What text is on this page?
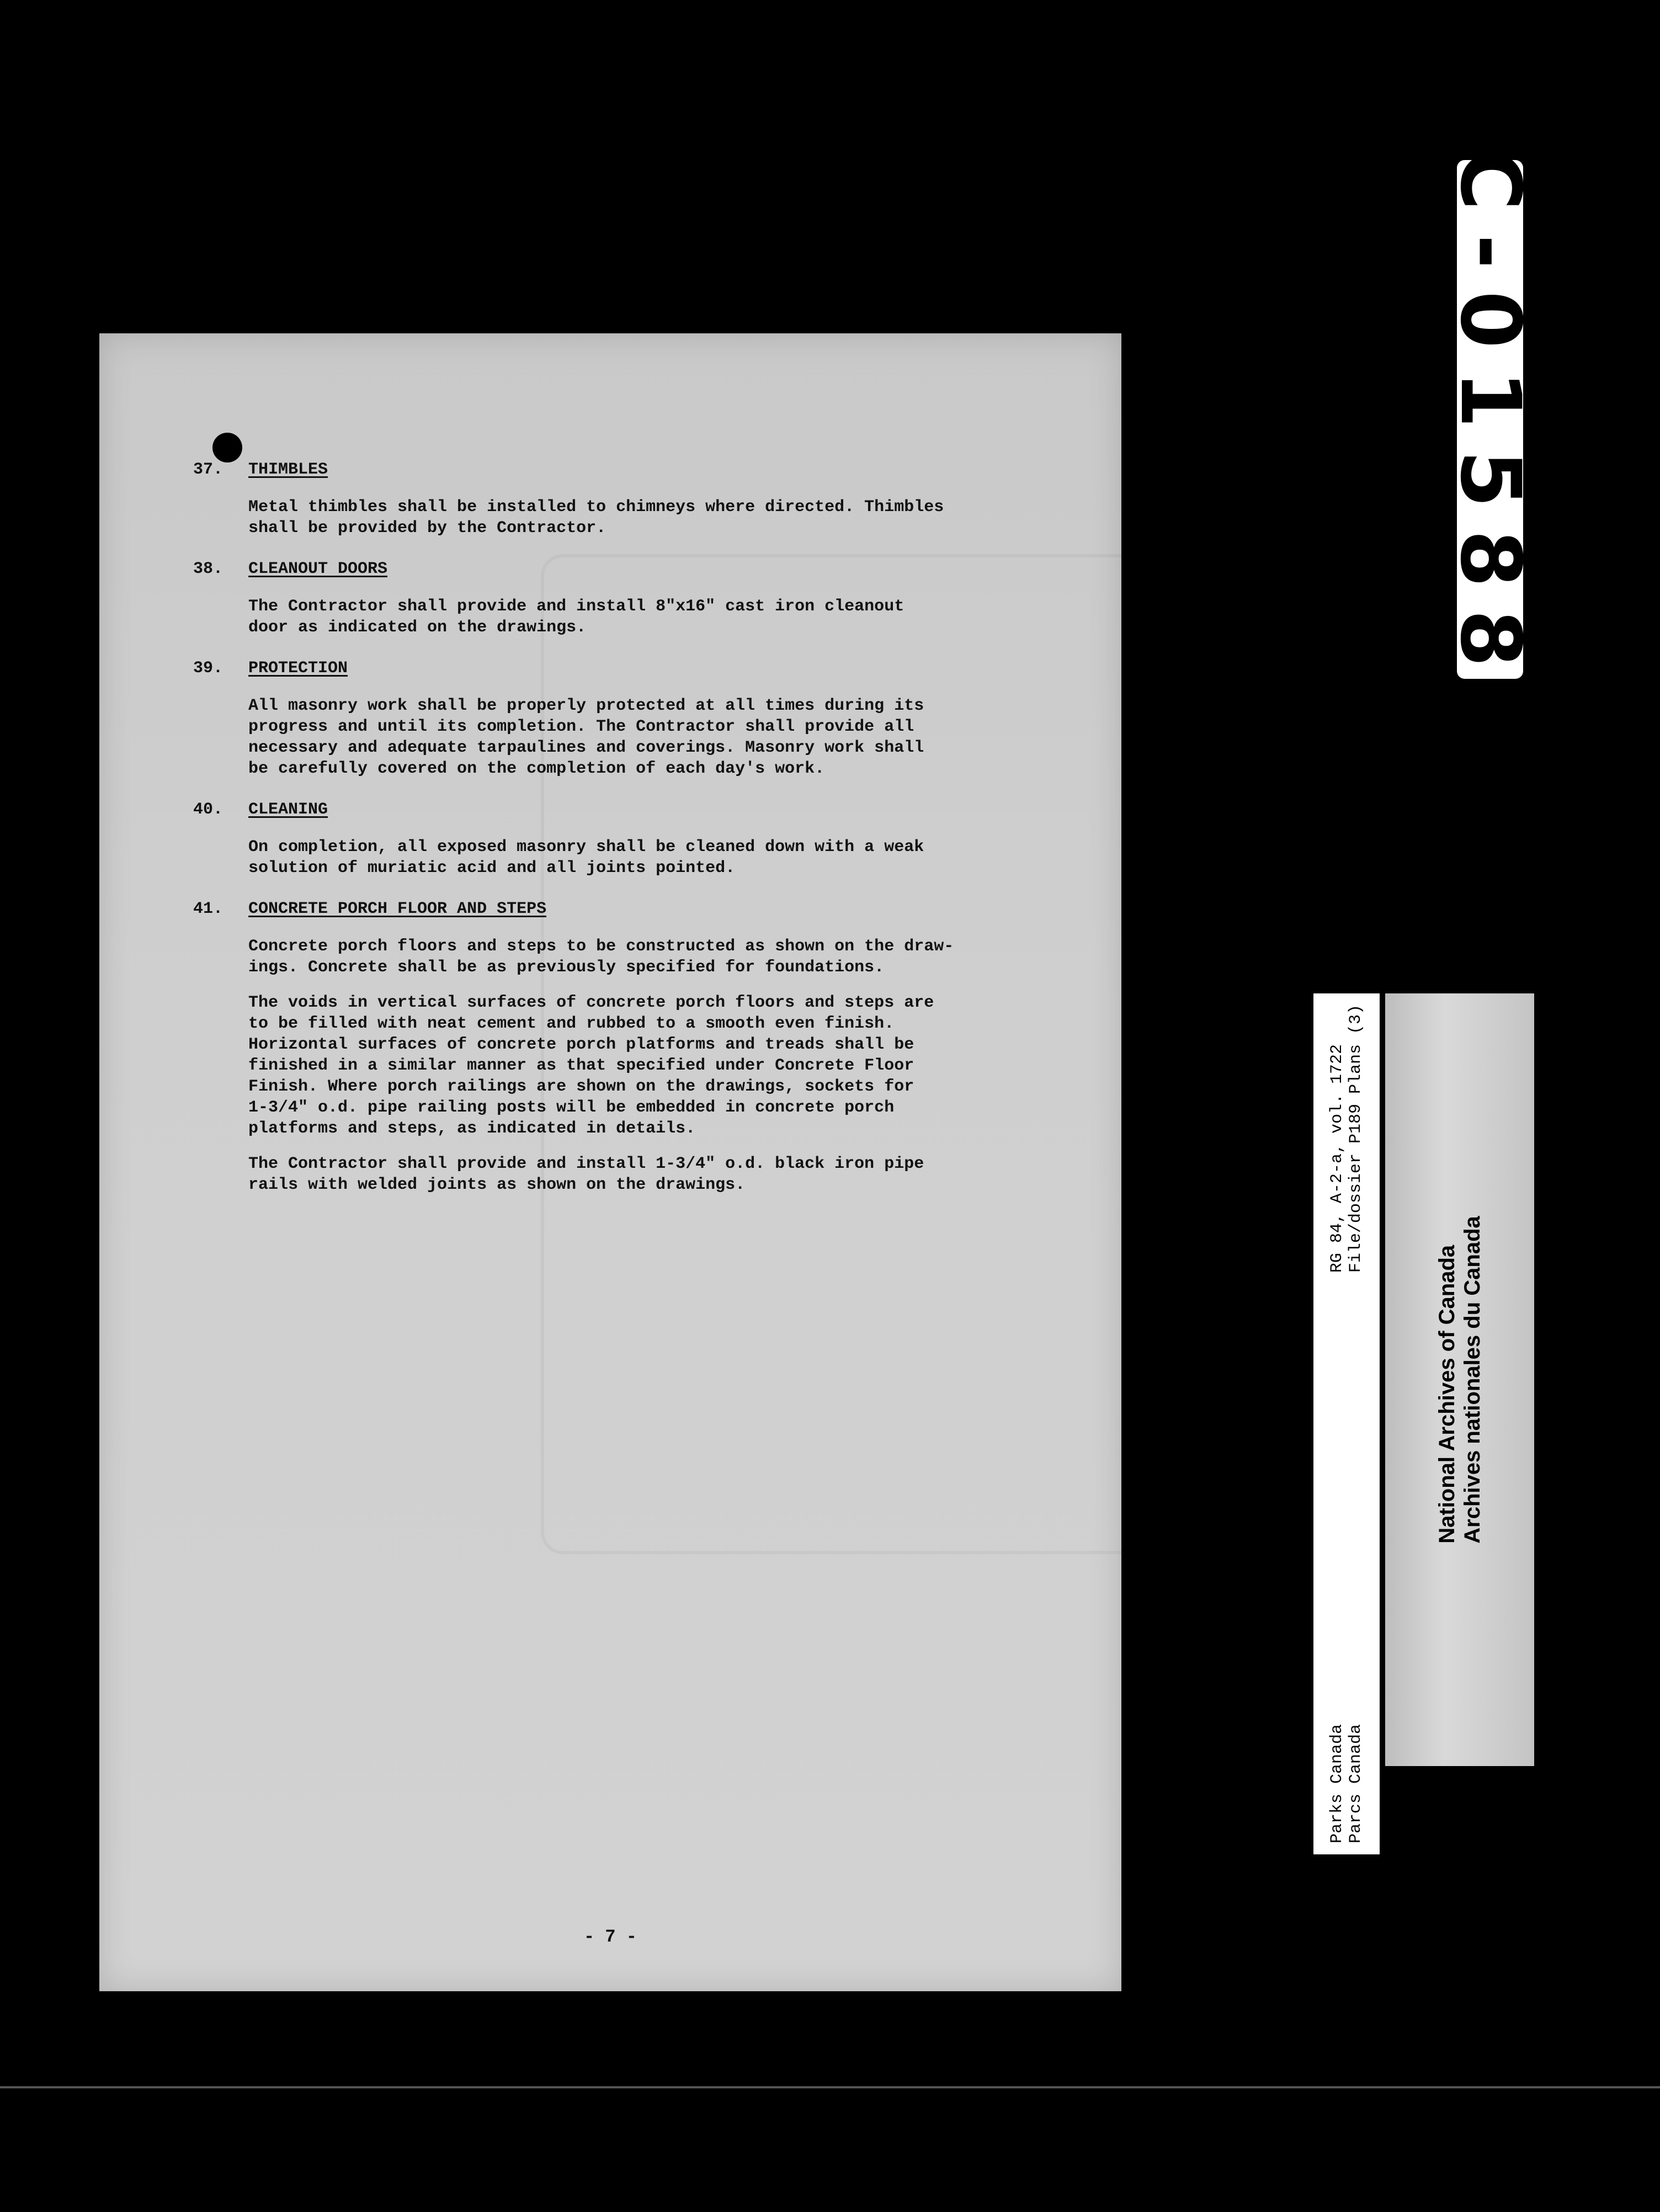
37.	THIMBLES
Metal thimbles shall be installed to chimneys where directed. Thimbles
shall be provided by the Contractor.
38.	CLEANOUT DOORS
The Contractor shall provide and install 8"x16" cast iron cleanout
door as indicated on the drawings.
39.	PROTECTION
All masonry work shall be properly protected at all times during its
progress and until its completion. The Contractor shall provide all
necessary and adequate tarpaulines and coverings. Masonry work shall
be carefully covered on the completion of each day's work.
40.	CLEANING
On completion, all exposed masonry shall be cleaned down with a weak
solution of muriatic acid and all joints pointed.
41.	CONCRETE PORCH FLOOR AND STEPS
Concrete porch floors and steps to be constructed as shown on the draw-
ings. Concrete shall be as previously specified for foundations.
The voids in vertical surfaces of concrete porch floors and steps are
to be filled with neat cement and rubbed to a smooth even finish.
Horizontal surfaces of concrete porch platforms and treads shall be
finished in a similar manner as that specified under Concrete Floor
Finish. Where porch railings are shown on the drawings, sockets for
1-3/4" o.d. pipe railing posts will be embedded in concrete porch
platforms and steps, as indicated in details.
The Contractor shall provide and install 1-3/4" o.d. black iron pipe
rails with welded joints as shown on the drawings.
- 7 -
C-01588
Parks Canada Parcs Canada
RG 84, A-2-a, vol. 1722 File/dossier P189 Plans (3)
National Archives of Canada Archives nationales du Canada
